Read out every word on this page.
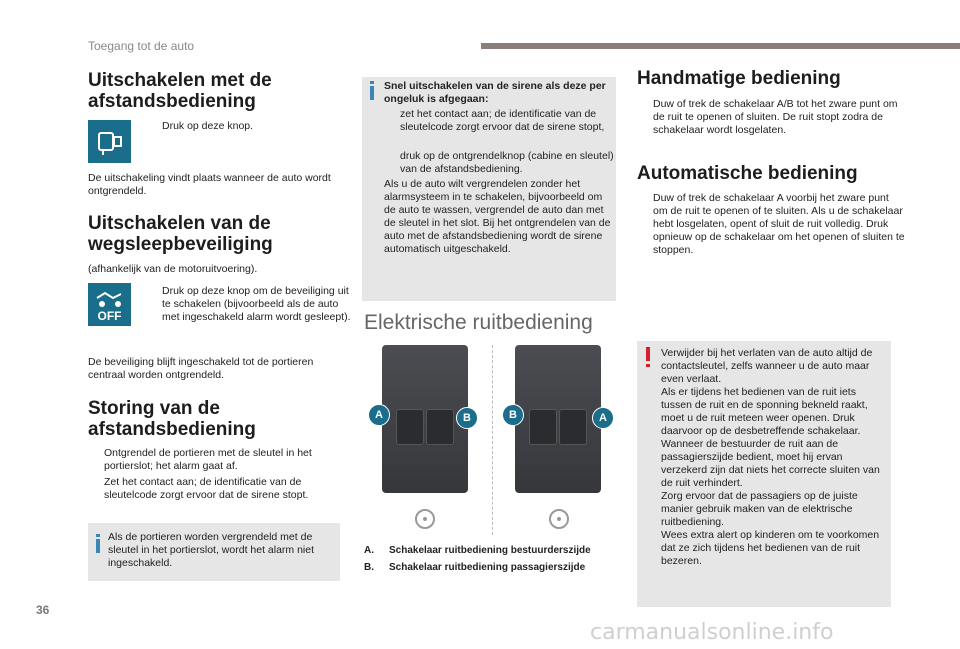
Toegang tot de auto
Uitschakelen met de afstandsbediening
Druk op deze knop.
De uitschakeling vindt plaats wanneer de auto wordt ontgrendeld.
Uitschakelen van de wegsleepbeveiliging
(afhankelijk van de motoruitvoering).
OFF
Druk op deze knop om de beveiliging uit te schakelen (bijvoorbeeld als de auto met ingeschakeld alarm wordt gesleept).
De beveiliging blijft ingeschakeld tot de portieren centraal worden ontgrendeld.
Storing van de afstandsbediening
Ontgrendel de portieren met de sleutel in het portierslot; het alarm gaat af.
Zet het contact aan; de identificatie van de sleutelcode zorgt ervoor dat de sirene stopt.
Als de portieren worden vergrendeld met de sleutel in het portierslot, wordt het alarm niet ingeschakeld.
Snel uitschakelen van de sirene als deze per ongeluk is afgegaan:
zet het contact aan; de identificatie van de sleutelcode zorgt ervoor dat de sirene stopt,
druk op de ontgrendelknop (cabine en sleutel) van de afstandsbediening.
Als u de auto wilt vergrendelen zonder het alarmsysteem in te schakelen, bijvoorbeeld om de auto te wassen, vergrendel de auto dan met de sleutel in het slot. Bij het ontgrendelen van de auto met de afstandsbediening wordt de sirene automatisch uitgeschakeld.
Elektrische ruitbediening
A	B	B	A
A. Schakelaar ruitbediening bestuurderszijde
B. Schakelaar ruitbediening passagierszijde
Handmatige bediening
Duw of trek de schakelaar A/B tot het zware punt om de ruit te openen of sluiten. De ruit stopt zodra de schakelaar wordt losgelaten.
Automatische bediening
Duw of trek de schakelaar A voorbij het zware punt om de ruit te openen of te sluiten. Als u de schakelaar hebt losgelaten, opent of sluit de ruit volledig. Druk opnieuw op de schakelaar om het openen of sluiten te stoppen.
Verwijder bij het verlaten van de auto altijd de contactsleutel, zelfs wanneer u de auto maar even verlaat.
Als er tijdens het bedienen van de ruit iets tussen de ruit en de sponning bekneld raakt, moet u de ruit meteen weer openen. Druk daarvoor op de desbetreffende schakelaar.
Wanneer de bestuurder de ruit aan de passagierszijde bedient, moet hij ervan verzekerd zijn dat niets het correcte sluiten van de ruit verhindert.
Zorg ervoor dat de passagiers op de juiste manier gebruik maken van de elektrische ruitbediening.
Wees extra alert op kinderen om te voorkomen dat ze zich tijdens het bedienen van de ruit bezeren.
36
carmanualsonline.info
